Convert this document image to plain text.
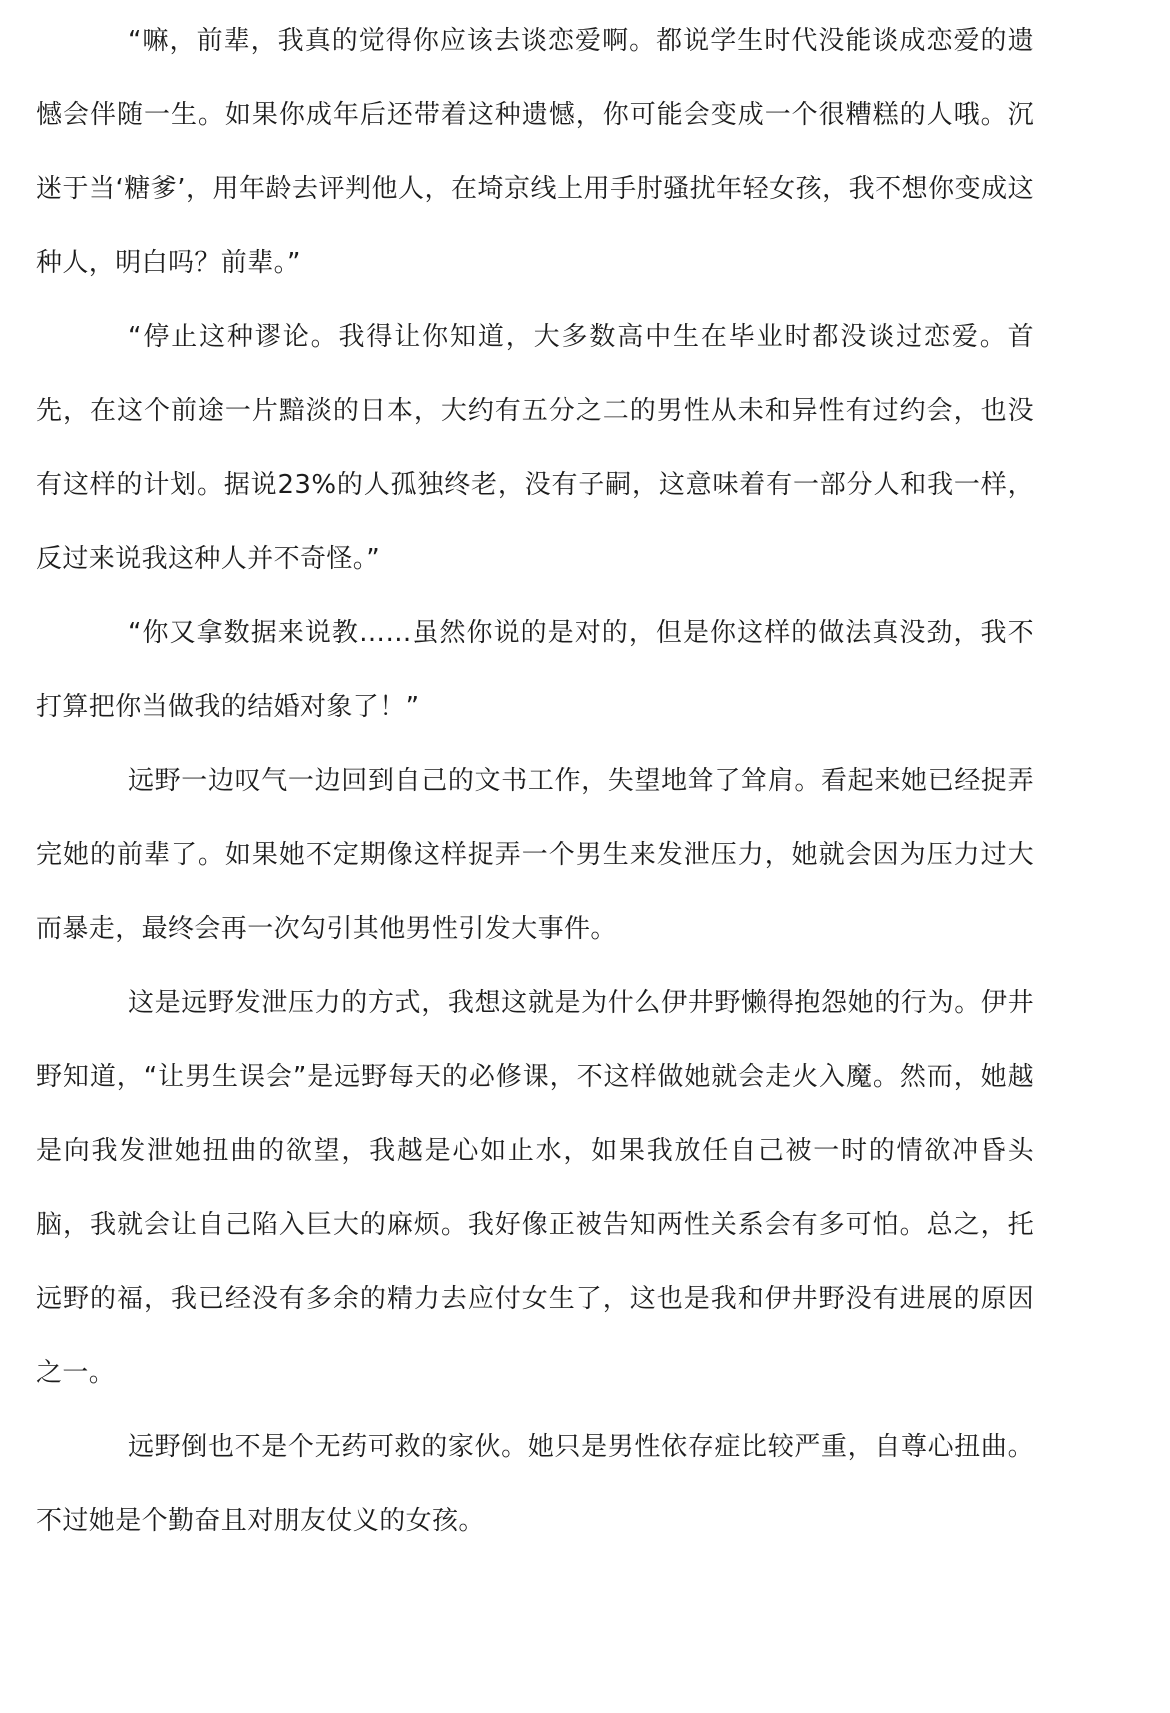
“嘛，前辈，我真的觉得你应该去谈恋爱啊。都说学生时代没能谈成恋爱的遗憾会伴随一生。如果你成年后还带着这种遗憾，你可能会变成一个很糟糕的人哦。沉迷于当‘糖爹’，用年龄去评判他人，在埼京线上用手肘骚扰年轻女孩，我不想你变成这种人，明白吗？前辈。”

“停止这种谬论。我得让你知道，大多数高中生在毕业时都没谈过恋爱。首先，在这个前途一片黯淡的日本，大约有五分之二的男性从未和异性有过约会，也没有这样的计划。据说23%的人孤独终老，没有子嗣，这意味着有一部分人和我一样，反过来说我这种人并不奇怪。”

“你又拿数据来说教……虽然你说的是对的，但是你这样的做法真没劲，我不打算把你当做我的结婚对象了！”

远野一边叹气一边回到自己的文书工作，失望地耸了耸肩。看起来她已经捉弄完她的前辈了。如果她不定期像这样捉弄一个男生来发泄压力，她就会因为压力过大而暴走，最终会再一次勾引其他男性引发大事件。

这是远野发泄压力的方式，我想这就是为什么伊井野懒得抱怨她的行为。伊井野知道，“让男生误会”是远野每天的必修课，不这样做她就会走火入魔。然而，她越是向我发泄她扭曲的欲望，我越是心如止水，如果我放任自己被一时的情欲冲昏头脑，我就会让自己陷入巨大的麻烦。我好像正被告知两性关系会有多可怕。总之，托远野的福，我已经没有多余的精力去应付女生了，这也是我和伊井野没有进展的原因之一。

远野倒也不是个无药可救的家伙。她只是男性依存症比较严重，自尊心扭曲。不过她是个勤奋且对朋友仗义的女孩。
